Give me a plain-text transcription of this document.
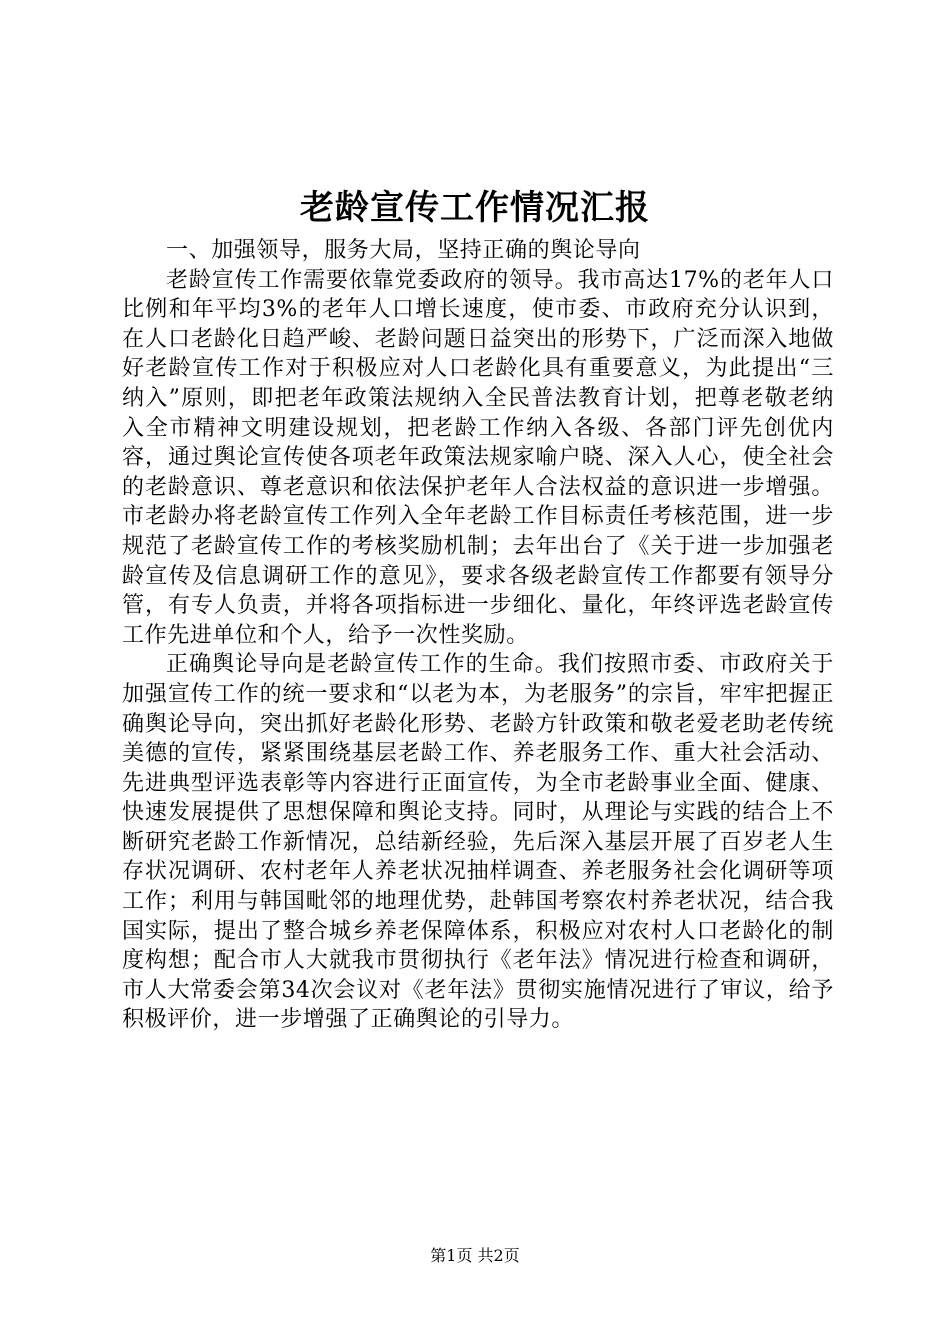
老龄宣传工作情况汇报

一、加强领导，服务大局，坚持正确的舆论导向

老龄宣传工作需要依靠党委政府的领导。我市高达17%的老年人口比例和年平均3%的老年人口增长速度，使市委、市政府充分认识到，在人口老龄化日趋严峻、老龄问题日益突出的形势下，广泛而深入地做好老龄宣传工作对于积极应对人口老龄化具有重要意义，为此提出“三纳入”原则，即把老年政策法规纳入全民普法教育计划，把尊老敬老纳入全市精神文明建设规划，把老龄工作纳入各级、各部门评先创优内容，通过舆论宣传使各项老年政策法规家喻户晓、深入人心，使全社会的老龄意识、尊老意识和依法保护老年人合法权益的意识进一步增强。市老龄办将老龄宣传工作列入全年老龄工作目标责任考核范围，进一步规范了老龄宣传工作的考核奖励机制；去年出台了《关于进一步加强老龄宣传及信息调研工作的意见》，要求各级老龄宣传工作都要有领导分管，有专人负责，并将各项指标进一步细化、量化，年终评选老龄宣传工作先进单位和个人，给予一次性奖励。

正确舆论导向是老龄宣传工作的生命。我们按照市委、市政府关于加强宣传工作的统一要求和“以老为本，为老服务”的宗旨，牢牢把握正确舆论导向，突出抓好老龄化形势、老龄方针政策和敬老爱老助老传统美德的宣传，紧紧围绕基层老龄工作、养老服务工作、重大社会活动、先进典型评选表彰等内容进行正面宣传，为全市老龄事业全面、健康、快速发展提供了思想保障和舆论支持。同时，从理论与实践的结合上不断研究老龄工作新情况，总结新经验，先后深入基层开展了百岁老人生存状况调研、农村老年人养老状况抽样调查、养老服务社会化调研等项工作；利用与韩国毗邻的地理优势，赴韩国考察农村养老状况，结合我国实际，提出了整合城乡养老保障体系，积极应对农村人口老龄化的制度构想；配合市人大就我市贯彻执行《老年法》情况进行检查和调研，市人大常委会第34次会议对《老年法》贯彻实施情况进行了审议，给予积极评价，进一步增强了正确舆论的引导力。

第1页 共2页
